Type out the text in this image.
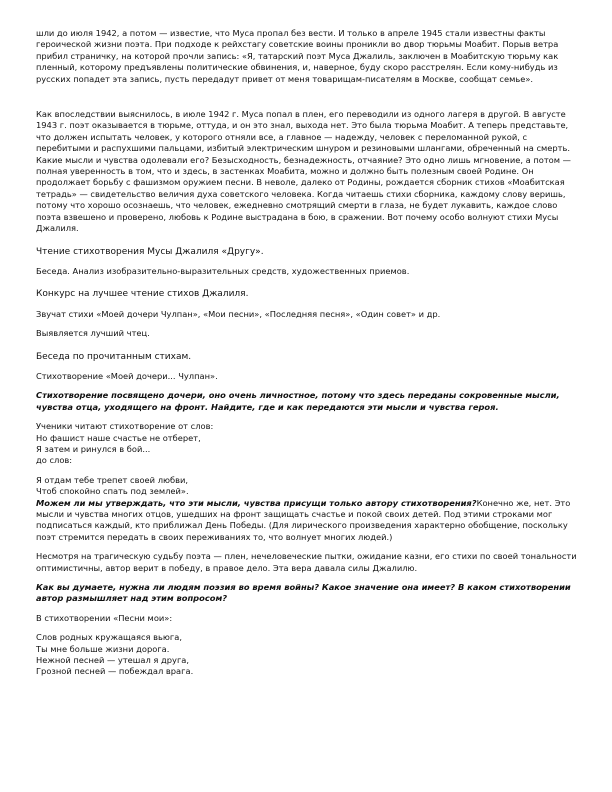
шли до июля 1942, а потом — известие, что Муса пропал без вести. И только в апреле 1945 стали известны факты героической жизни поэта. При подходе к рейхстагу советские воины проникли во двор тюрьмы Моабит. Порыв ветра прибил страничку, на которой прочли запись: «Я, татарский поэт Муса Джалиль, заключен в Моабитскую тюрьму как пленный, которому предъявлены политические обвинения, и, наверное, буду скоро расстрелян. Если кому-нибудь из русских попадет эта запись, пусть передадут привет от меня товарищам-писателям в Москве, сообщат семье».

Как впоследствии выяснилось, в июле 1942 г. Муса попал в плен, его переводили из одного лагеря в другой. В августе 1943 г. поэт оказывается в тюрьме, оттуда, и он это знал, выхода нет. Это была тюрьма Моабит. А теперь представьте, что должен испытать человек, у которого отняли все, а главное — надежду, человек с переломанной рукой, с перебитыми и распухшими пальцами, избитый электрическим шнуром и резиновыми шлангами, обреченный на смерть. Какие мысли и чувства одолевали его? Безысходность, безнадежность, отчаяние? Это одно лишь мгновение, а потом — полная уверенность в том, что и здесь, в застенках Моабита, можно и должно быть полезным своей Родине. Он продолжает борьбу с фашизмом оружием песни. В неволе, далеко от Родины, рождается сборник стихов «Моабитская тетрадь» — свидетельство величия духа советского человека. Когда читаешь стихи сборника, каждому слову веришь, потому что хорошо осознаешь, что человек, ежедневно смотрящий смерти в глаза, не будет лукавить, каждое слово поэта взвешено и проверено, любовь к Родине выстрадана в бою, в сражении. Вот почему особо волнуют стихи Мусы Джалиля.

Чтение стихотворения Мусы Джалиля «Другу».

Беседа. Анализ изобразительно-выразительных средств, художественных приемов.

Конкурс на лучшее чтение стихов Джалиля.

Звучат стихи «Моей дочери Чулпан», «Мои песни», «Последняя песня», «Один совет» и др.

Выявляется лучший чтец.

Беседа по прочитанным стихам.

Стихотворение «Моей дочери... Чулпан».

Стихотворение посвящено дочери, оно очень личностное, потому что здесь переданы сокровенные мысли, чувства отца, уходящего на фронт. Найдите, где и как передаются эти мысли и чувства героя.

Ученики читают стихотворение от слов:

Но фашист наше счастье не отберет,

Я затем и ринулся в бой...

до слов:

Я отдам тебе трепет своей любви,

Чтоб спокойно спать под землей».

Можем ли мы утверждать, что эти мысли, чувства присущи только автору стихотворения?Конечно же, нет. Это мысли и чувства многих отцов, ушедших на фронт защищать счастье и покой своих детей. Под этими строками мог подписаться каждый, кто приближал День Победы. (Для лирического произведения характерно обобщение, поскольку поэт стремится передать в своих переживаниях то, что волнует многих людей.)

Несмотря на трагическую судьбу поэта — плен, нечеловеческие пытки, ожидание казни, его стихи по своей тональности оптимистичны, автор верит в победу, в правое дело. Эта вера давала силы Джалилю.

Как вы думаете, нужна ли людям поэзия во время войны? Какое значение она имеет? В каком стихотворении автор размышляет над этим вопросом?

В стихотворении «Песни мои»:

Слов родных кружащаяся вьюга,

Ты мне больше жизни дорога.

Нежной песней — утешал я друга,

Грозной песней — побеждал врага.
